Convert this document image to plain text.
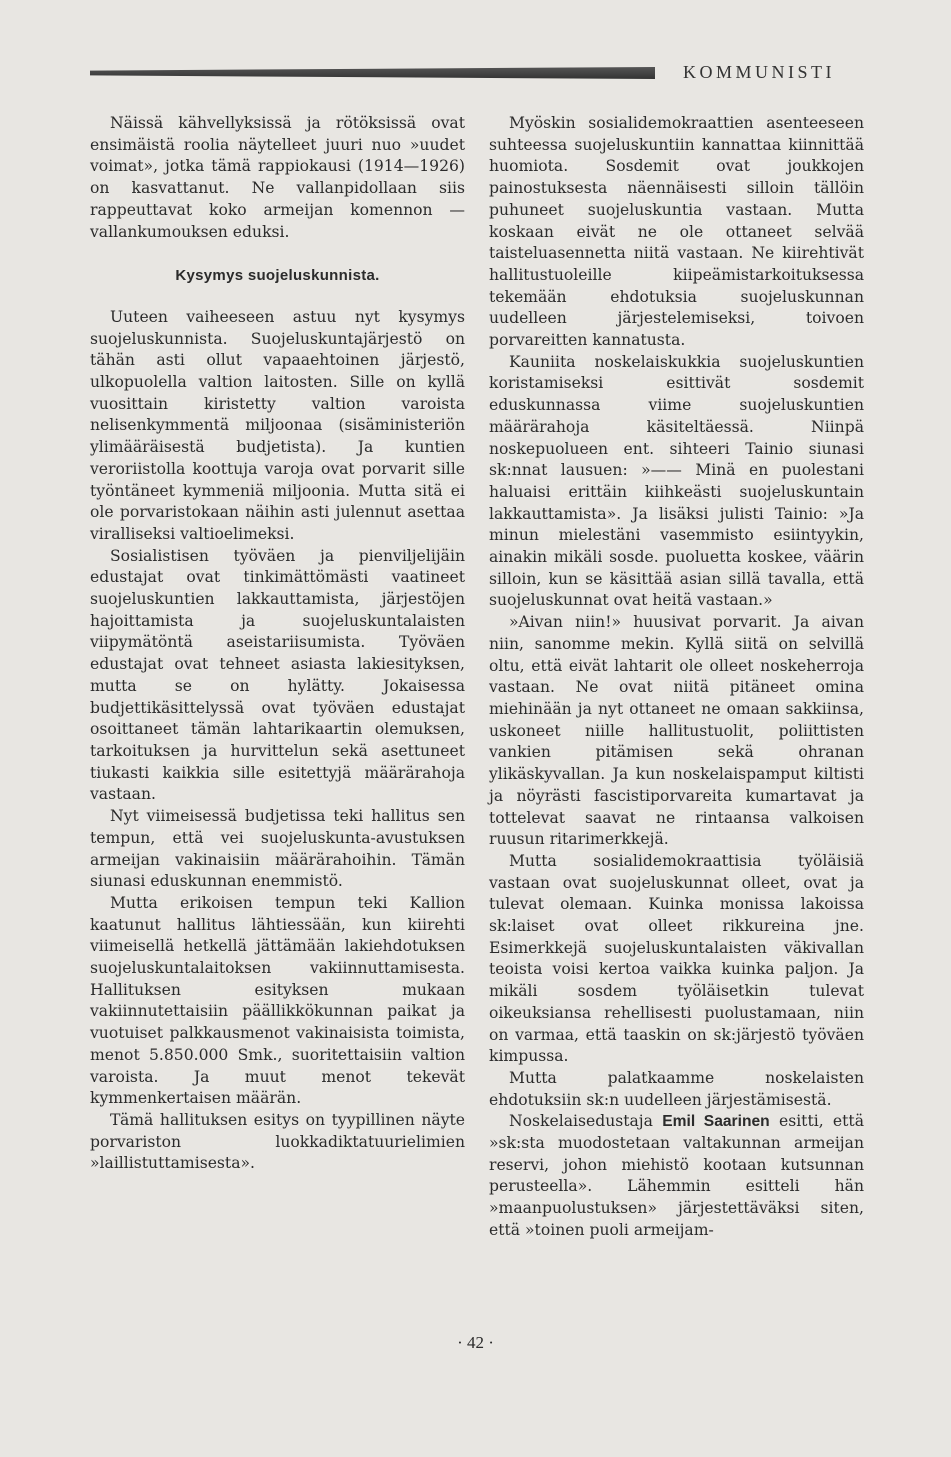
KOMMUNISTI

Näissä kähvellyksissä ja rötöksissä ovat ensimäistä roolia näytelleet juuri nuo »uudet voimat», jotka tämä rappiokausi (1914—1926) on kasvattanut. Ne vallanpidollaan siis rappeuttavat koko armeijan komennon — vallankumouksen eduksi.

Kysymys suojeluskunnista.

Uuteen vaiheeseen astuu nyt kysymys suojeluskunnista. Suojeluskuntajärjestö on tähän asti ollut vapaaehtoinen järjestö, ulkopuolella valtion laitosten. Sille on kyllä vuosittain kiristetty valtion varoista nelisenkymmentä miljoonaa (sisäministeriön ylimääräisestä budjetista). Ja kuntien veroriistolla koottuja varoja ovat porvarit sille työntäneet kymmeniä miljoonia. Mutta sitä ei ole porvaristokaan näihin asti julennut asettaa viralliseksi valtioelimeksi.

Sosialistisen työväen ja pienviljelijäin edustajat ovat tinkimättömästi vaatineet suojeluskuntien lakkauttamista, järjestöjen hajoittamista ja suojeluskuntalaisten viipymätöntä aseistariisumista. Työväen edustajat ovat tehneet asiasta lakiesityksen, mutta se on hylätty. Jokaisessa budjettikäsittelyssä ovat työväen edustajat osoittaneet tämän lahtarikaartin olemuksen, tarkoituksen ja hurvittelun sekä asettuneet tiukasti kaikkia sille esitettyjä määrärahoja vastaan.

Nyt viimeisessä budjetissa teki hallitus sen tempun, että vei suojeluskunta-avustuksen armeijan vakinaisiin määrärahoihin. Tämän siunasi eduskunnan enemmistö.

Mutta erikoisen tempun teki Kallion kaatunut hallitus lähtiessään, kun kiirehti viimeisellä hetkellä jättämään lakiehdotuksen suojeluskuntalaitoksen vakiinnuttamisesta. Hallituksen esityksen mukaan vakiinnutettaisiin päällikkökunnan paikat ja vuotuiset palkkausmenot vakinaisista toimista, menot 5.850.000 Smk., suoritettaisiin valtion varoista. Ja muut menot tekevät kymmenkertaisen määrän.

Tämä hallituksen esitys on tyypillinen näyte porvariston luokkadiktatuurielimien »laillistuttamisesta».

Myöskin sosialidemokraattien asenteeseen suhteessa suojeluskuntiin kannattaa kiinnittää huomiota. Sosdemit ovat joukkojen painostuksesta näennäisesti silloin tällöin puhuneet suojeluskuntia vastaan. Mutta koskaan eivät ne ole ottaneet selvää taisteluasennetta niitä vastaan. Ne kiirehtivät hallitustuoleille kiipeämistarkoituksessa tekemään ehdotuksia suojeluskunnan uudelleen järjestelemiseksi, toivoen porvareitten kannatusta.

Kauniita noskelaiskukkia suojeluskuntien koristamiseksi esittivät sosdemit eduskunnassa viime suojeluskuntien määrärahoja käsiteltäessä. Niinpä noskepuolueen ent. sihteeri Tainio siunasi sk:nnat lausuen: »—— Minä en puolestani haluaisi erittäin kiihkeästi suojeluskuntain lakkauttamista». Ja lisäksi julisti Tainio: »Ja minun mielestäni vasemmisto esiintyykin, ainakin mikäli sosde. puoluetta koskee, väärin silloin, kun se käsittää asian sillä tavalla, että suojeluskunnat ovat heitä vastaan.»

»Aivan niin!» huusivat porvarit. Ja aivan niin, sanomme mekin. Kyllä siitä on selvillä oltu, että eivät lahtarit ole olleet noskeherroja vastaan. Ne ovat niitä pitäneet omina miehinään ja nyt ottaneet ne omaan sakkiinsa, uskoneet niille hallitustuolit, poliittisten vankien pitämisen sekä ohranan ylikäskyvallan. Ja kun noskelaispamput kiltisti ja nöyrästi fascistiporvareita kumartavat ja tottelevat saavat ne rintaansa valkoisen ruusun ritarimerkkejä.

Mutta sosialidemokraattisia työläisiä vastaan ovat suojeluskunnat olleet, ovat ja tulevat olemaan. Kuinka monissa lakoissa sk:laiset ovat olleet rikkureina jne. Esimerkkejä suojeluskuntalaisten väkivallan teoista voisi kertoa vaikka kuinka paljon. Ja mikäli sosdem työläisetkin tulevat oikeuksiansa rehellisesti puolustamaan, niin on varmaa, että taaskin on sk:järjestö työväen kimpussa.

Mutta palatkaamme noskelaisten ehdotuksiin sk:n uudelleen järjestämisestä.

Noskelaisedustaja Emil Saarinen esitti, että »sk:sta muodostetaan valtakunnan armeijan reservi, johon miehistö kootaan kutsunnan perusteella». Lähemmin esitteli hän »maanpuolustuksen» järjestettäväksi siten, että »toinen puoli armeijam-

· 42 ·
